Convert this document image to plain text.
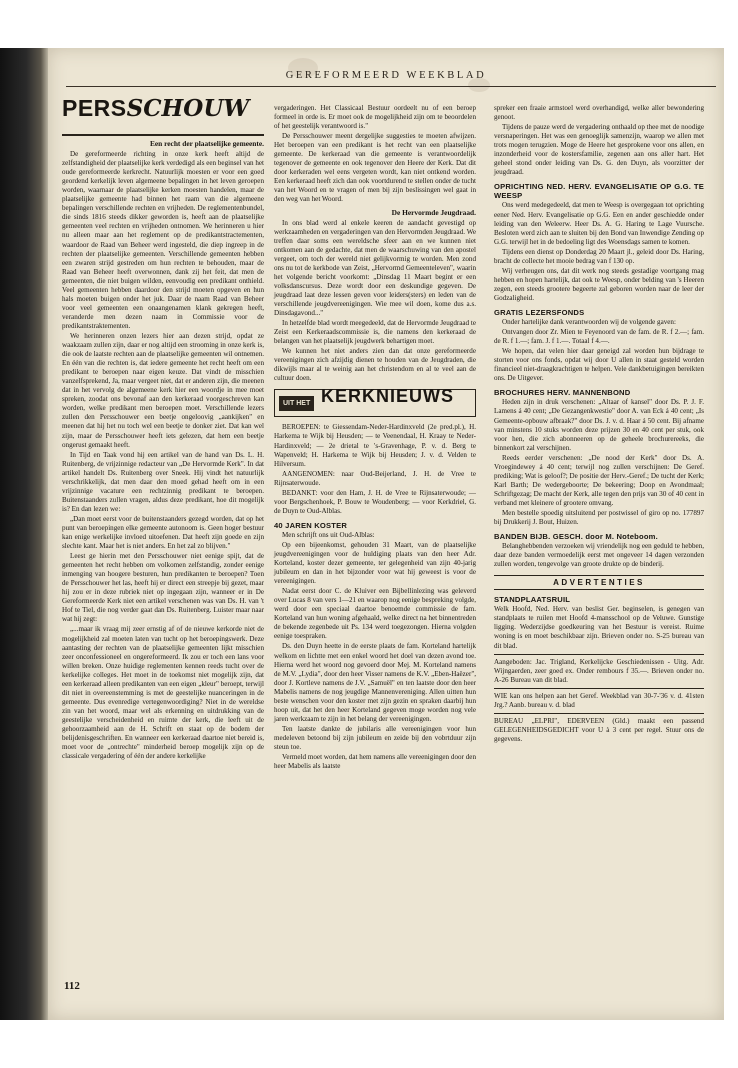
GEREFORMEERD WEEKBLAD
PERSSCHOUW
Een recht der plaatselijke gemeente.

De gereformeerde richting in onze kerk heeft altijd de zelfstandigheid der plaatselijke kerk verdedigd als een beginsel van het oude gereformeerde kerkrecht. Natuurlijk moesten er voor een goed geordend kerkelijk leven algemeene bepalingen in het leven geroepen worden, waarnaar de plaatselijke kerken moesten handelen, maar de plaatselijke gemeente had binnen het raam van die algemeene bepalingen verschillende rechten en vrijheden. De reglementenbundel, die sinds 1816 steeds dikker geworden is, heeft aan de plaatselijke gemeenten veel rechten en vrijheden ontnomen. We herinneren u hier nu alleen maar aan het reglement op de predikantstractementen, waardoor de Raad van Beheer werd ingesteld, die diep ingreep in de rechten der plaatselijke gemeenten. Verschillende gemeenten hebben een zwaren strijd gestreden om hun rechten te behouden, maar de Raad van Beheer heeft overwonnen, dank zij het feit, dat men de gemeenten, die niet buigen wilden, eenvoudig een predikant onthield. Veel gemeenten hebben daardoor den strijd moeten opgeven en hun hals moeten buigen onder het juk. Daar de naam Raad van Beheer voor veel gemeenten een onaangenamen klank gekregen heeft, veranderde men dezen naam in Commissie voor de predikantstraktementen.

We herinneren onzen lezers hier aan dezen strijd, opdat ze waakzaam zullen zijn, daar er nog altijd een strooming in onze kerk is, die ook de laatste rechten aan de plaatselijke gemeenten wil ontnemen. En één van die rechten is, dat iedere gemeente het recht heeft om een predikant te beroepen naar eigen keuze. Dat vindt de misschien vanzelfsprekend, Ja, maar vergeet niet, dat er anderen zijn, die meenen dat in het vervolg de algemeene kerk hier een woordje in mee moet spreken, zoodat ons bevonaf aan den kerkeraad voorgeschreven kan worden, welke predikant men beroepen moet. Verschillende lezers zullen den Persschouwer een beetje ongeloovig „aankijken" en meenen dat hij het nu toch wel een beetje te donker ziet. Dat kan wel zijn, maar de Persschouwer heeft iets gelezen, dat hem een beetje ongerust gemaakt heeft.

In Tijd en Taak vond hij een artikel van de hand van Ds. L. H. Ruitenberg, de vrijzinnige redacteur van „De Hervormde Kerk". In dat artikel handelt Ds. Ruitenberg over Sneek. Hij vindt het natuurlijk verschrikkelijk, dat men daar den moed gehad heeft om in een vrijzinnige vacature een rechtzinnig predikant te beroepen. Buitenstaanders zullen vragen, aldus deze predikant, hoe dit mogelijk is? En dan lezen we:

„Dan moet eerst voor de buitenstaanders gezegd worden, dat op het punt van beroepingen elke gemeente autonoom is. Geen hoger bestuur kan enige werkelijke invloed uitoefenen. Dat heeft zijn goede en zijn slechte kant. Maar het is niet anders. En het zal zo blijven."

Leest ge hierin met den Persschouwer niet eenige spijt, dat de gemeenten het recht hebben om volkomen zelfstandig, zonder eenige inmenging van hoogere besturen, hun predikanten te beroepen? Toen de Persschouwer het las, heeft hij er direct een streepje bij gezet, maar hij zou er in deze rubriek niet op ingegaan zijn, wanneer er in De Gereformeerde Kerk niet een artikel verschenen was van Ds. H. van 't Hof te Tiel, die nog verder gaat dan Ds. Ruitenberg. Luister maar naar wat hij zegt:

„...maar ik vraag mij zeer ernstig af of de nieuwe kerkorde niet de mogelijkheid zal moeten laten van tucht op het beroepingswerk. Deze aantasting der rechten van de plaatselijke gemeenten lijkt misschien zeer onconfessioneel en ongereformeerd. Ik zou er toch een lans voor willen breken. Onze huidige reglementen kennen reeds tucht over de kerkelijke colleges. Het moet in de toekomst niet mogelijk zijn, dat een kerkeraad alleen predikanten van een eigen „kleur" beroept, terwijl dit niet in overeenstemming is met de geestelijke nuanceringen in de gemeente. Dus evenredige vertegenwoordiging? Niet in de wereldse zin van het woord, maar wel als erkenning en uitdrukking van de geestelijke verscheidenheid en ruimte der kerk, die leeft uit de gehoorzaamheid aan de H. Schrift en staat op de bodem der belijdenisgeschriften. En wanneer een kerkeraad daartoe niet bereid is, moet voor de „ontrechte" minderheid beroep mogelijk zijn op de classicale vergadering of één der andere kerkelijke

vergaderingen. Het Classicaal Bestuur oordeelt nu of een beroep formeel in orde is. Er moet ook de mogelijkheid zijn om te beoordelen of het geestelijk verantwoord is."

De Persschouwer meent dergelijke suggesties te moeten afwijzen. Het beroepen van een predikant is het recht van een plaatselijke gemeente. De kerkeraad van die gemeente is verantwoordelijk tegenover de gemeente en ook tegenover den Heere der Kerk. Dat dit door kerkeraden wel eens vergeten wordt, kan niet ontkend worden. Een kerkeraad heeft zich dan ook voortdurend te stellen onder de tucht van het Woord en te vragen of men bij zijn beslissingen wel gaat in den weg van het Woord.

De Hervormde Jeugdraad.

In ons blad werd al enkele keeren de aandacht gevestigd op werkzaamheden en vergaderingen van den Hervormden Jeugdraad. We treffen daar soms een wereldsche sfeer aan en we kunnen niet ontkomen aan de gedachte, dat men de waarschuwing van den apostel vergeet, om toch der wereld niet gelijkvormig te worden. Men zond ons nu tot de kerkbode van Zeist, „Hervormd Gemeenteleven", waarin het volgende bericht voorkomt: „Dinsdag 11 Maart begint er een volksdanscursus. Deze wordt door een deskundige gegeven. De jeugdraad laat deze lessen geven voor leiders(sters) en leden van de verschillende jeugdvereenigingen. Wie mee wil doen, kome dus a.s. Dinsdagavond..."

In hetzelfde blad wordt meegedeeld, dat de Hervormde Jeugdraad te Zeist een Kerkeraadscommissie is, die namens den kerkeraad de belangen van het plaatselijk jeugdwerk behartigen moet.

We kunnen het niet anders zien dan dat onze gereformeerde vereenigingen zich afzijdig dienen te houden van de Jeugdraden, die dikwijls maar al te weinig aan het christendom en al te veel aan de cultuur doen.

UIT HET KERKNIEUWS

BEROEPEN: te Giessendam-Neder-Hardinxveld (2e pred.pl.), H. Harkema te Wijk bij Heusden; — te Veenendaal, H. Kraay te Neder-Hardinxveld; — 2e drietal te 's-Gravenhage, P. v. d. Berg te Wapenveld; H. Harkema te Wijk bij Heusden; J. v. d. Velden te Hilversum.

AANGENOMEN: naar Oud-Beijerland, J. H. de Vree te Rijnsaterwoude.

BEDANKT: voor den Ham, J. H. de Vree te Rijnsaterwoude; — voor Bergschenhoek, P. Bouw te Woudenberg; — voor Kerkdriel, G. de Duyn te Oud-Alblas.

40 JAREN KOSTER

Men schrijft ons uit Oud-Alblas:

Op een bijeenkomst, gehouden 31 Maart, van de plaatselijke jeugdvereenigingen voor de huldiging plaats van den heer Adr. Korteland, koster dezer gemeente, ter gelegenheid van zijn 40-jarig jubileum en dan in het bijzonder voor wat hij geweest is voor de vereenigingen.

Nadat eerst door C. de Kluiver een Bijbellinlezing was geleverd over Lucas 8 van vers 1—21 en waarop nog eenige bespreking volgde, werd door een speciaal daartoe benoemde commissie de fam. Korteland van hun woning afgehaald, welke direct na het binnentreden de bekende zegenbede uit Ps. 134 werd toegezongen. Hierna volgden eenige toespraken.

Ds. den Duyn heette in de eerste plaats de fam. Korteland hartelijk welkom en lichtte met een enkel woord het doel van dezen avond toe. Hierna werd het woord nog gevoerd door Mej. M. Korteland namens de M.V. „Lydia", door den heer Visser namens de K.V. „Eben-Haëzer", door J. Kortleve namens de J.V. „Samuël" en ten laatste door den heer Mabelis namens de nog jeugdige Mannenvereniging. Allen uitten hun beste wenschen voor den koster met zijn gezin en spraken daarbij hun hoop uit, dat het den heer Korteland gegeven moge worden nog vele jaren werkzaam te zijn in het belang der vereenigingen.

Ten laatste dankte de jubilaris alle vereenigingen voor hun medeleven betoond bij zijn jubileum en zeide bij den vobrtduur zijn steun toe.

Vermeld moet worden, dat hem namens alle vereenigingen door den heer Mabelis als laatste

spreker een fraaie armstoel werd overhandigd, welke aller bewondering genoot.

Tijdens de pauze werd de vergadering onthaald op thee met de noodige versnaperingen. Het was een genoeglijk samenzijn, waarop we allen met trots mogen terugzien. Moge de Heere het gesprokene voor ons allen, en inzonderheid voor de kostersfamilie, zegenen aan ons aller hart. Het geheel stond onder leiding van Ds. G. den Duyn, als voorzitter der jeugdraad.

OPRICHTING NED. HERV. EVANGELISATIE OP G.G. TE WEESP

Ons werd medegedeeld, dat men te Weesp is overgegaan tot oprichting eener Ned. Herv. Evangelisatie op G.G. Een en ander geschiedde onder leiding van den Weleerw. Heer Ds. A. G. Haring te Lage Vuursche. Besloten werd zich aan te sluiten bij den Bond van Inwendige Zending op G.G. terwijl het in de bedoeling ligt des Woensdags samen te komen.

Tijdens een dienst op Donderdag 20 Maart jl., geleid door Ds. Haring, bracht de collecte het mooie bedrag van f 130 op.

Wij verheugen ons, dat dit werk nog steeds gestadige voortgang mag hebben en hopen hartelijk, dat ook te Weesp, onder belding van 's Heeren zegen, een steeds grootere begeerte zal geboren worden naar de leer der Godzaligheid.

GRATIS LEZERSFONDS

Onder hartelijke dank verantwoorden wij de volgende gaven:

Ontvangen door Zr. Mien te Feyenoord van de fam. de R. f 2.—; fam. de R. f 1.—; fam. J. f 1.—. Totaal f 4.—.

We hopen, dat velen hier daar geneigd zal worden hun bijdrage te storten voor ons fonds, opdat wij door U allen in staat gesteld worden financieel niet-draagkrachtigen te helpen. Vele dankbetuigingen bereikten ons. De Uitgever.

BROCHURES HERV. MANNENBOND

Heden zijn in druk verschenen: „Altaar of kansel" door Ds. P. J. F. Lamens á 40 cent; „De Gezangenkwestie" door A. van Eck á 40 cent; „Is Gemeente-opbouw afbraak?" door Ds. J. v. d. Haar á 50 cent. Bij afname van minstens 10 stuks worden deze prijzen 30 en 40 cent per stuk, ook voor hen, die zich abonneeren op de geheele brochurereeks, die binnenkort zal verschijnen.

Reeds eerder verschenen: „De nood der Kerk" door Ds. A. Vroegindewey á 40 cent; terwijl nog zullen verschijnen: De Geref. prediking; Wat is geloof?; De positie der Herv.-Geref.; De tucht der Kerk; Karl Barth; De wedergeboorte; De bekeering; Doop en Avondmaal; Schriftgezag; De macht der Kerk, alle tegen den prijs van 30 of 40 cent in verband met kleinere of grootere omvang.

Men bestelle spoedig uitsluitend per postwissel of giro op no. 177897 bij Drukkerij J. Bout, Huizen.

BANDEN BIJB. GESCH. door M. Noteboom.

Belanghebbenden verzoeken wij vriendelijk nog een geduld te hebben, daar deze banden vermoedelijk eerst met ongeveer 14 dagen verzonden zullen worden, tengevolge van groote drukte op de binderij.

ADVERTENTIES
STANDPLAATSRUIL

Welk Hoofd, Ned. Herv. van beslist Ger. beginselen, is genegen van standplaats te ruilen met Hoofd 4-mansschool op de Veluwe. Gunstige ligging. Wederzijdse goedkeuring van het Bestuur is vereist. Ruime woning is en moet beschikbaar zijn. Brieven onder no. S-25 bureau van dit blad.

Aangeboden: Jac. Trigland, Kerkelijcke Geschiedenissen - Uitg. Adr. Wijngaerden, zeer goed ex. Onder rembours f 35.—. Brieven onder no. A-26 Bureau van dit blad.

WIE kan ons helpen aan het Geref. Weekblad van 30-7-'36 v. d. 41sten Jrg.? Aanb. bureau v. d. blad

BUREAU „ELPRI", EDERVEEN (Gld.) maakt een passend GELEGENHEIDSGEDICHT voor U à 3 cent per regel. Stuur ons de gegevens.

112
